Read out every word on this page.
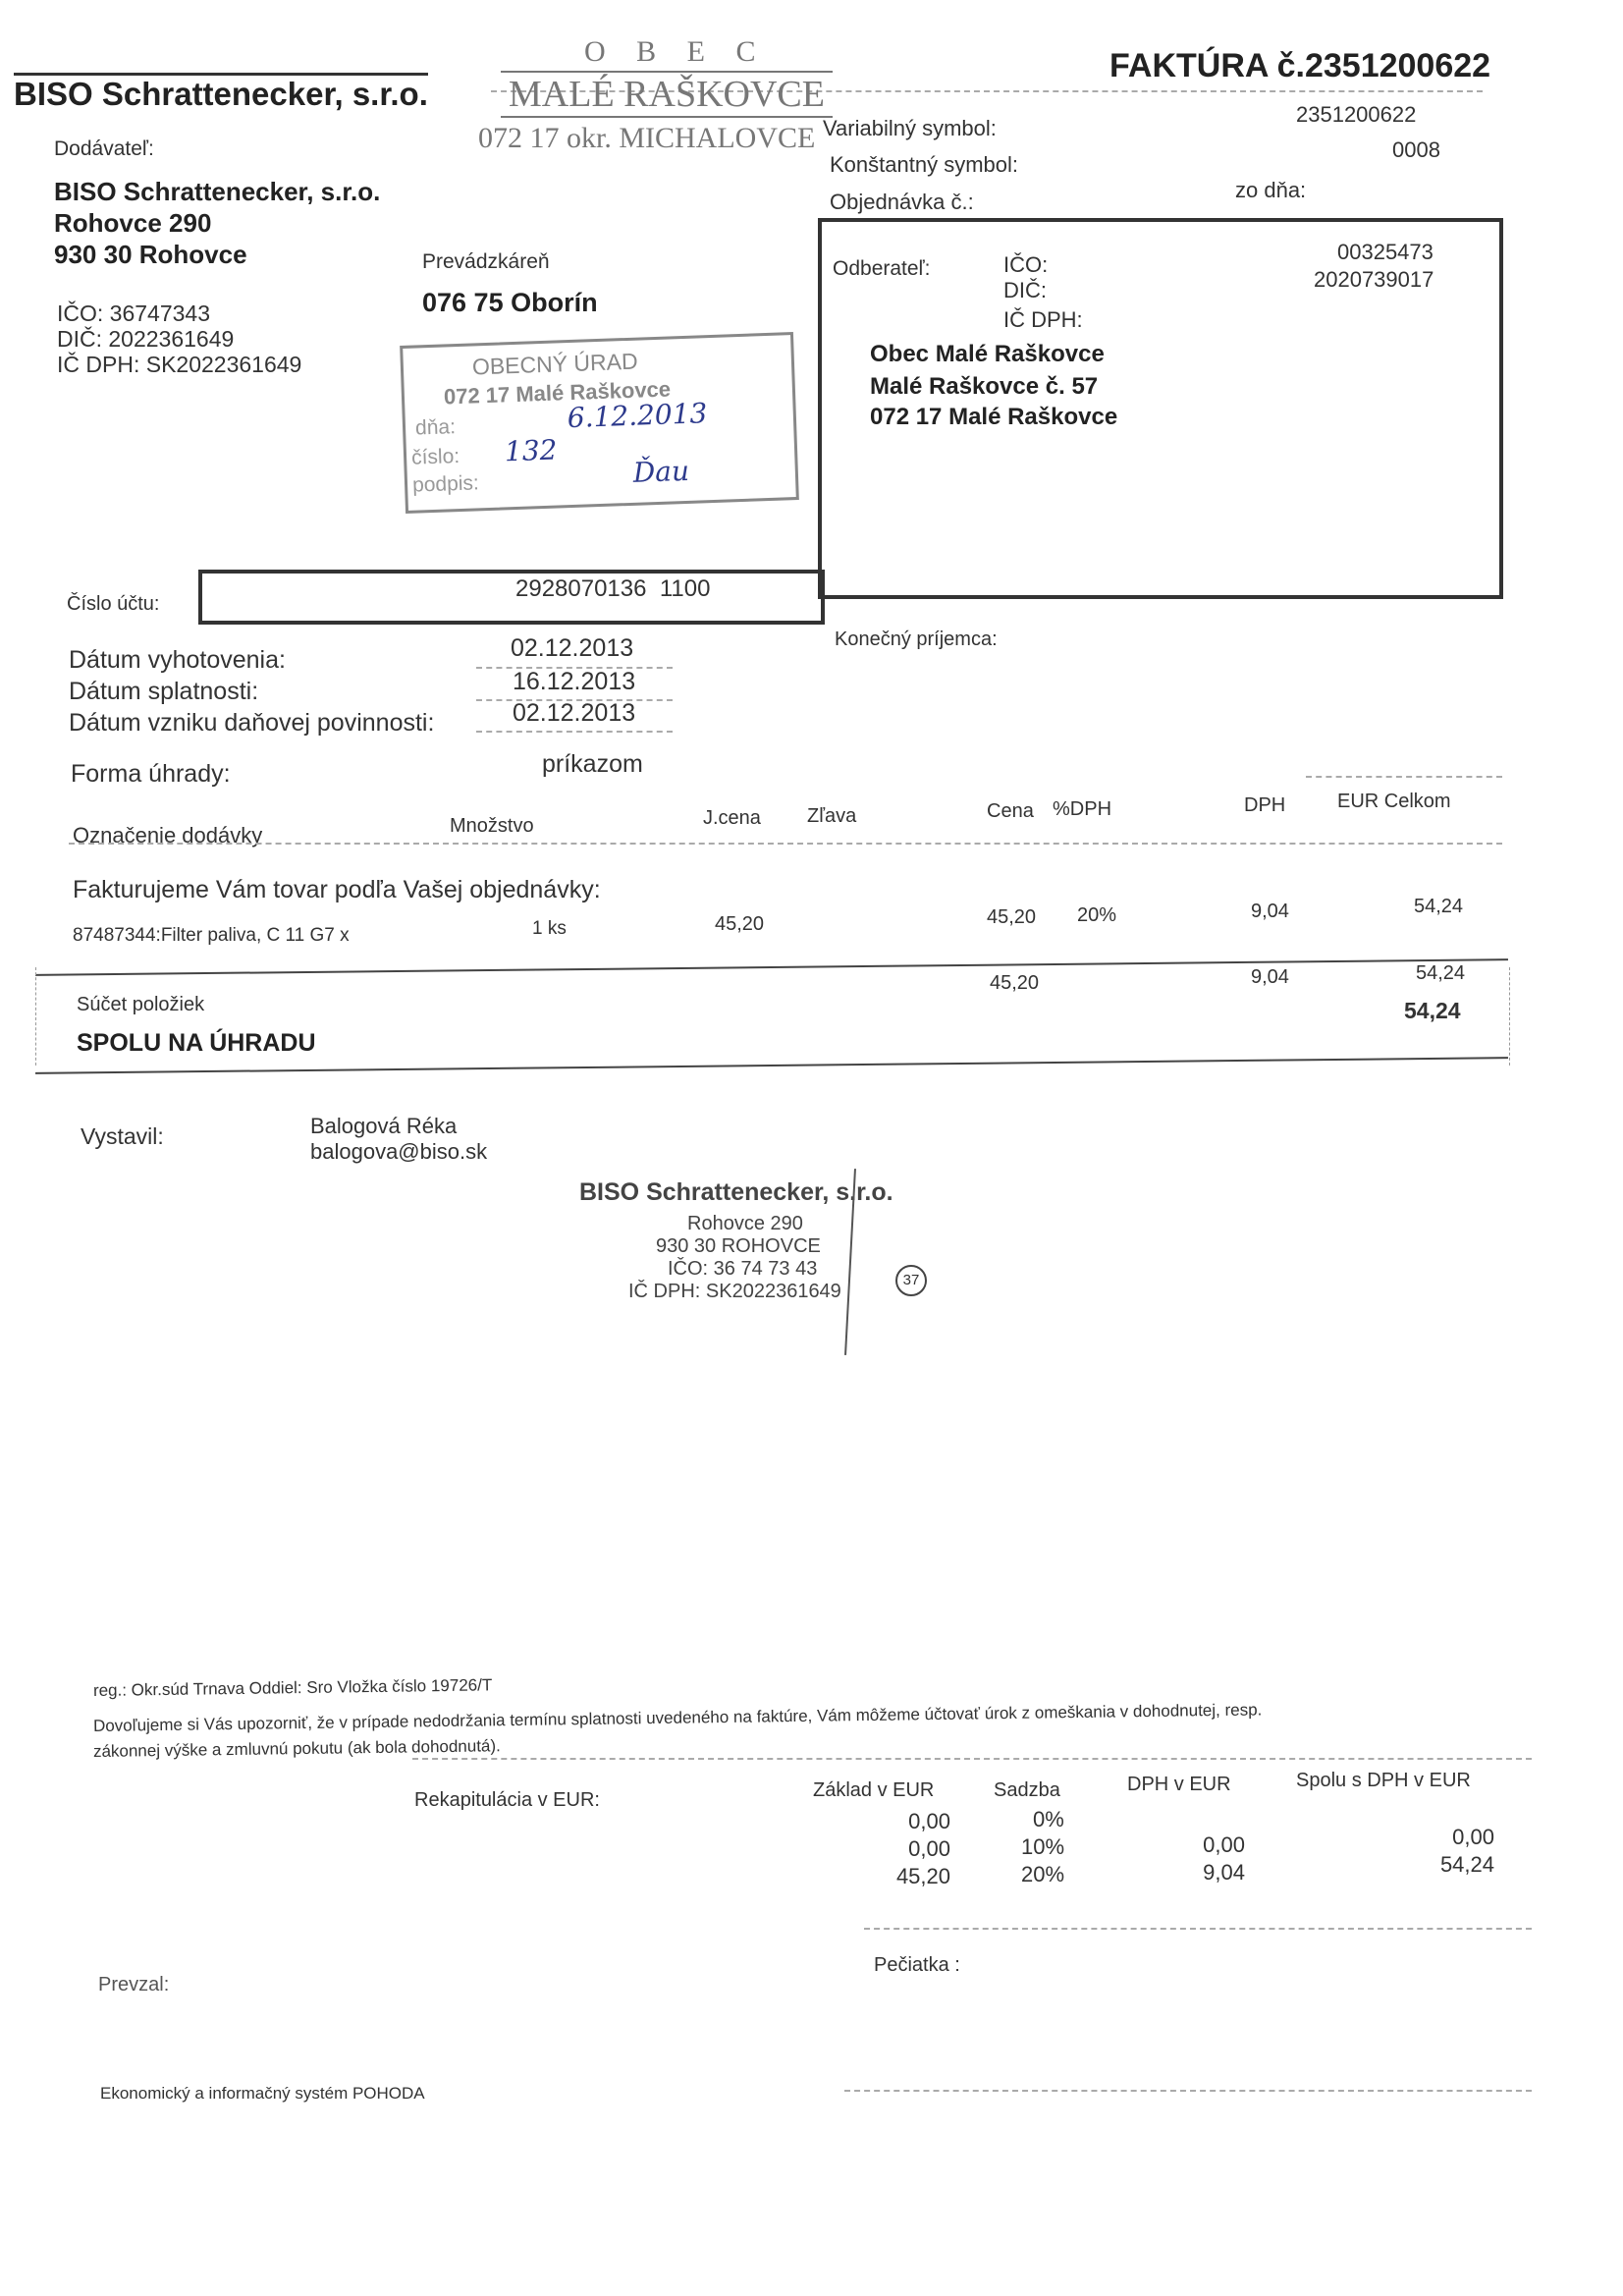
BISO Schrattenecker, s.r.o.
FAKTÚRA č.2351200622
O B E C
MALÉ RAŠKOVCE
072 17 okr. MICHALOVCE
Dodávateľ:
BISO Schrattenecker, s.r.o.
Rohovce 290
930 30 Rohovce
IČO: 36747343
DIČ: 2022361649
IČ DPH: SK2022361649
Prevádzkáreň
076 75 Oborín
OBECNÝ ÚRAD
072 17 Malé Raškovce
dňa:	6.12.2013
číslo: 132
podpis:	Ďau
Variabilný symbol:
2351200622
Konštantný symbol:
0008
Objednávka č.:	zo dňa:
Odberateľ:	IČO:
00325473
DIČ:	2020739017
IČ DPH:
Obec Malé Raškovce
Malé Raškovce č. 57
072 17 Malé Raškovce
Číslo účtu:
2928070136  1100
Konečný príjemca:
Dátum vyhotovenia:	02.12.2013
Dátum splatnosti:	16.12.2013
Dátum vzniku daňovej povinnosti:	02.12.2013
Forma úhrady:	príkazom
Označenie dodávky	Množstvo	J.cena Zľava	Cena %DPH	DPH	EUR Celkom
Fakturujeme Vám tovar podľa Vašej objednávky:
87487344:Filter paliva, C 11 G7 x	1 ks	45,20	45,20 20%	9,04	54,24
45,20	9,04	54,24
Súčet položiek	54,24
SPOLU NA ÚHRADU
Vystavil:	Balogová Réka
balogova@biso.sk
BISO Schrattenecker, s.r.o.
Rohovce 290
930 30 ROHOVCE
IČO: 36 74 73 43
IČ DPH: SK2022361649
37
reg.: Okr.súd Trnava Oddiel: Sro Vložka číslo 19726/T
Dovoľujeme si Vás upozorniť, že v prípade nedodržania termínu splatnosti uvedeného na faktúre, Vám môžeme účtovať úrok z omeškania v dohodnutej, resp.
zákonnej výške a zmluvnú pokutu (ak bola dohodnutá).
Rekapitulácia v EUR:	Základ v EUR	Sadzba	DPH v EUR	Spolu s DPH v EUR
0,00	0%
0,00	10%	0,00	0,00
45,20	20%	9,04	54,24
Prevzal:
Pečiatka :
Ekonomický a informačný systém POHODA
